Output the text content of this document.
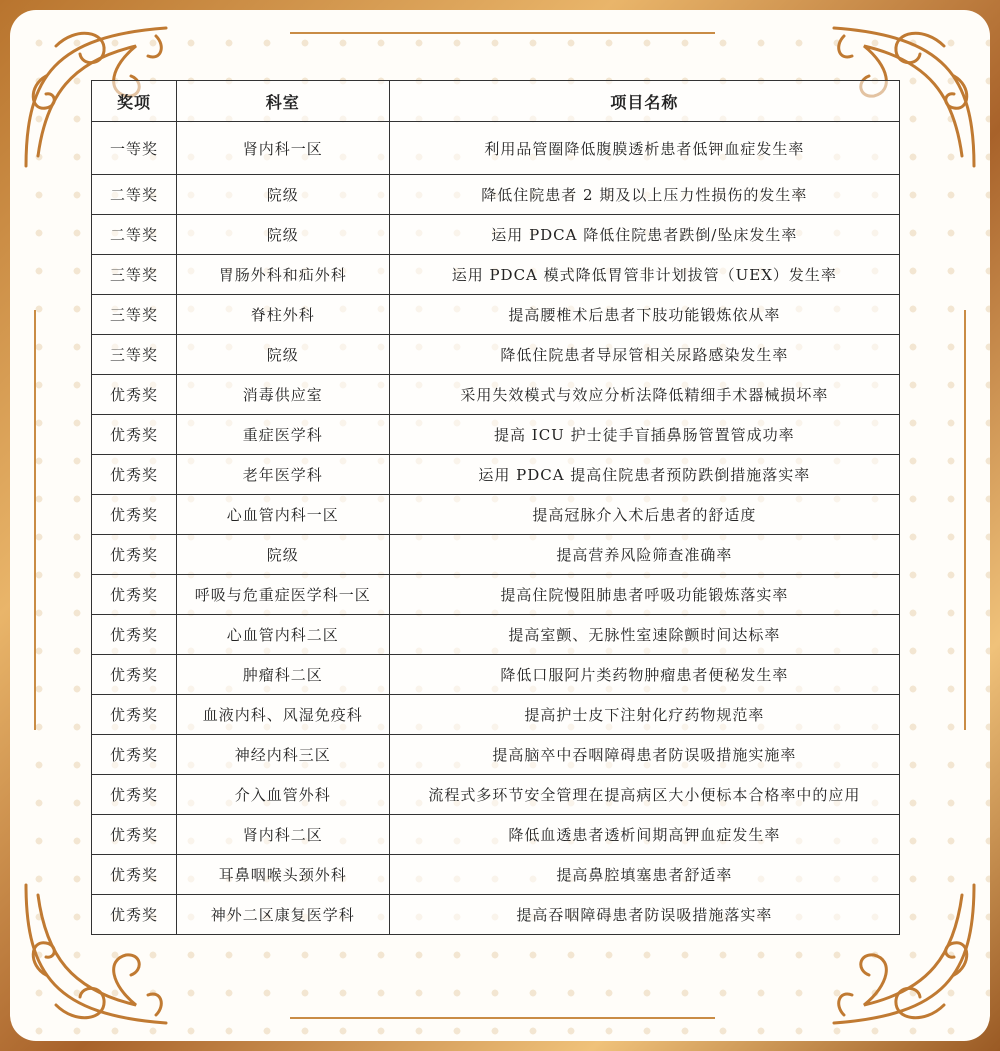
奖项	科室	项目名称
一等奖	肾内科一区	利用品管圈降低腹膜透析患者低钾血症发生率
二等奖	院级	降低住院患者 2 期及以上压力性损伤的发生率
二等奖	院级	运用 PDCA 降低住院患者跌倒/坠床发生率
三等奖	胃肠外科和疝外科	运用 PDCA 模式降低胃管非计划拔管（UEX）发生率
三等奖	脊柱外科	提高腰椎术后患者下肢功能锻炼依从率
三等奖	院级	降低住院患者导尿管相关尿路感染发生率
优秀奖	消毒供应室	采用失效模式与效应分析法降低精细手术器械损坏率
优秀奖	重症医学科	提高 ICU 护士徒手盲插鼻肠管置管成功率
优秀奖	老年医学科	运用 PDCA 提高住院患者预防跌倒措施落实率
优秀奖	心血管内科一区	提高冠脉介入术后患者的舒适度
优秀奖	院级	提高营养风险筛查准确率
优秀奖	呼吸与危重症医学科一区	提高住院慢阻肺患者呼吸功能锻炼落实率
优秀奖	心血管内科二区	提高室颤、无脉性室速除颤时间达标率
优秀奖	肿瘤科二区	降低口服阿片类药物肿瘤患者便秘发生率
优秀奖	血液内科、风湿免疫科	提高护士皮下注射化疗药物规范率
优秀奖	神经内科三区	提高脑卒中吞咽障碍患者防误吸措施实施率
优秀奖	介入血管外科	流程式多环节安全管理在提高病区大小便标本合格率中的应用
优秀奖	肾内科二区	降低血透患者透析间期高钾血症发生率
优秀奖	耳鼻咽喉头颈外科	提高鼻腔填塞患者舒适率
优秀奖	神外二区康复医学科	提高吞咽障碍患者防误吸措施落实率
